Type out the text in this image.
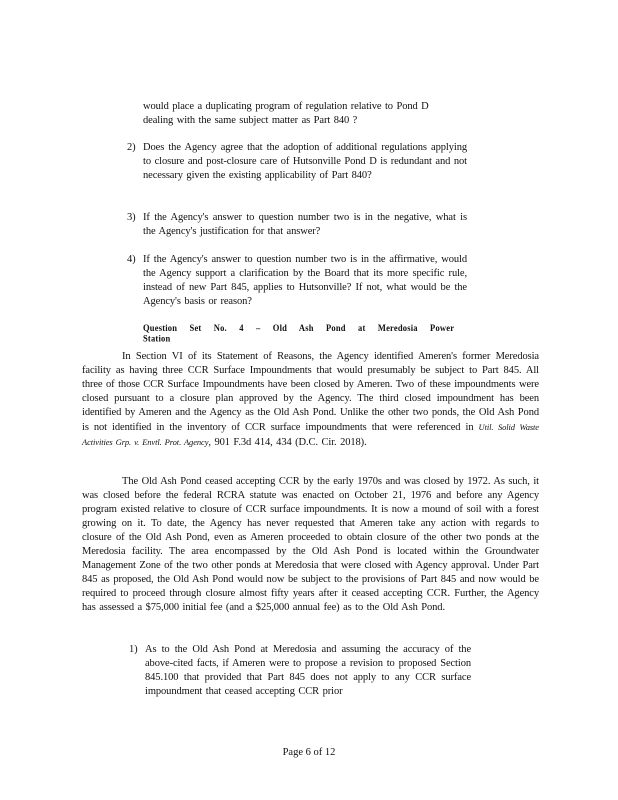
would place a duplicating program of regulation relative to Pond D

dealing with the same subject matter as Part 840 ?

2) Does the Agency agree that the adoption of additional regulations applying to closure and post-closure care of Hutsonville Pond D is redundant and not necessary given the existing applicability of Part 840?

3) If the Agency's answer to question number two is in the negative, what is the Agency's justification for that answer?

4) If the Agency's answer to question number two is in the affirmative, would the Agency support a clarification by the Board that its more specific rule, instead of new Part 845, applies to Hutsonville? If not, what would be the Agency's basis or reason?

Question Set No. 4 – Old Ash Pond at Meredosia Power Station
In Section VI of its Statement of Reasons, the Agency identified Ameren's former Meredosia facility as having three CCR Surface Impoundments that would presumably be subject to Part 845. All three of those CCR Surface Impoundments have been closed by Ameren. Two of these impoundments were closed pursuant to a closure plan approved by the Agency. The third closed impoundment has been identified by Ameren and the Agency as the Old Ash Pond. Unlike the other two ponds, the Old Ash Pond is not identified in the inventory of CCR surface impoundments that were referenced in Util. Solid Waste Activities Grp. v. Envtl. Prot. Agency, 901 F.3d 414, 434 (D.C. Cir. 2018).
The Old Ash Pond ceased accepting CCR by the early 1970s and was closed by 1972. As such, it was closed before the federal RCRA statute was enacted on October 21, 1976 and before any Agency program existed relative to closure of CCR surface impoundments. It is now a mound of soil with a forest growing on it. To date, the Agency has never requested that Ameren take any action with regards to closure of the Old Ash Pond, even as Ameren proceeded to obtain closure of the other two ponds at the Meredosia facility. The area encompassed by the Old Ash Pond is located within the Groundwater Management Zone of the two other ponds at Meredosia that were closed with Agency approval. Under Part 845 as proposed, the Old Ash Pond would now be subject to the provisions of Part 845 and now would be required to proceed through closure almost fifty years after it ceased accepting CCR. Further, the Agency has assessed a $75,000 initial fee (and a $25,000 annual fee) as to the Old Ash Pond.
1) As to the Old Ash Pond at Meredosia and assuming the accuracy of the above-cited facts, if Ameren were to propose a revision to proposed Section 845.100 that provided that Part 845 does not apply to any CCR surface impoundment that ceased accepting CCR prior

Page 6 of 12
